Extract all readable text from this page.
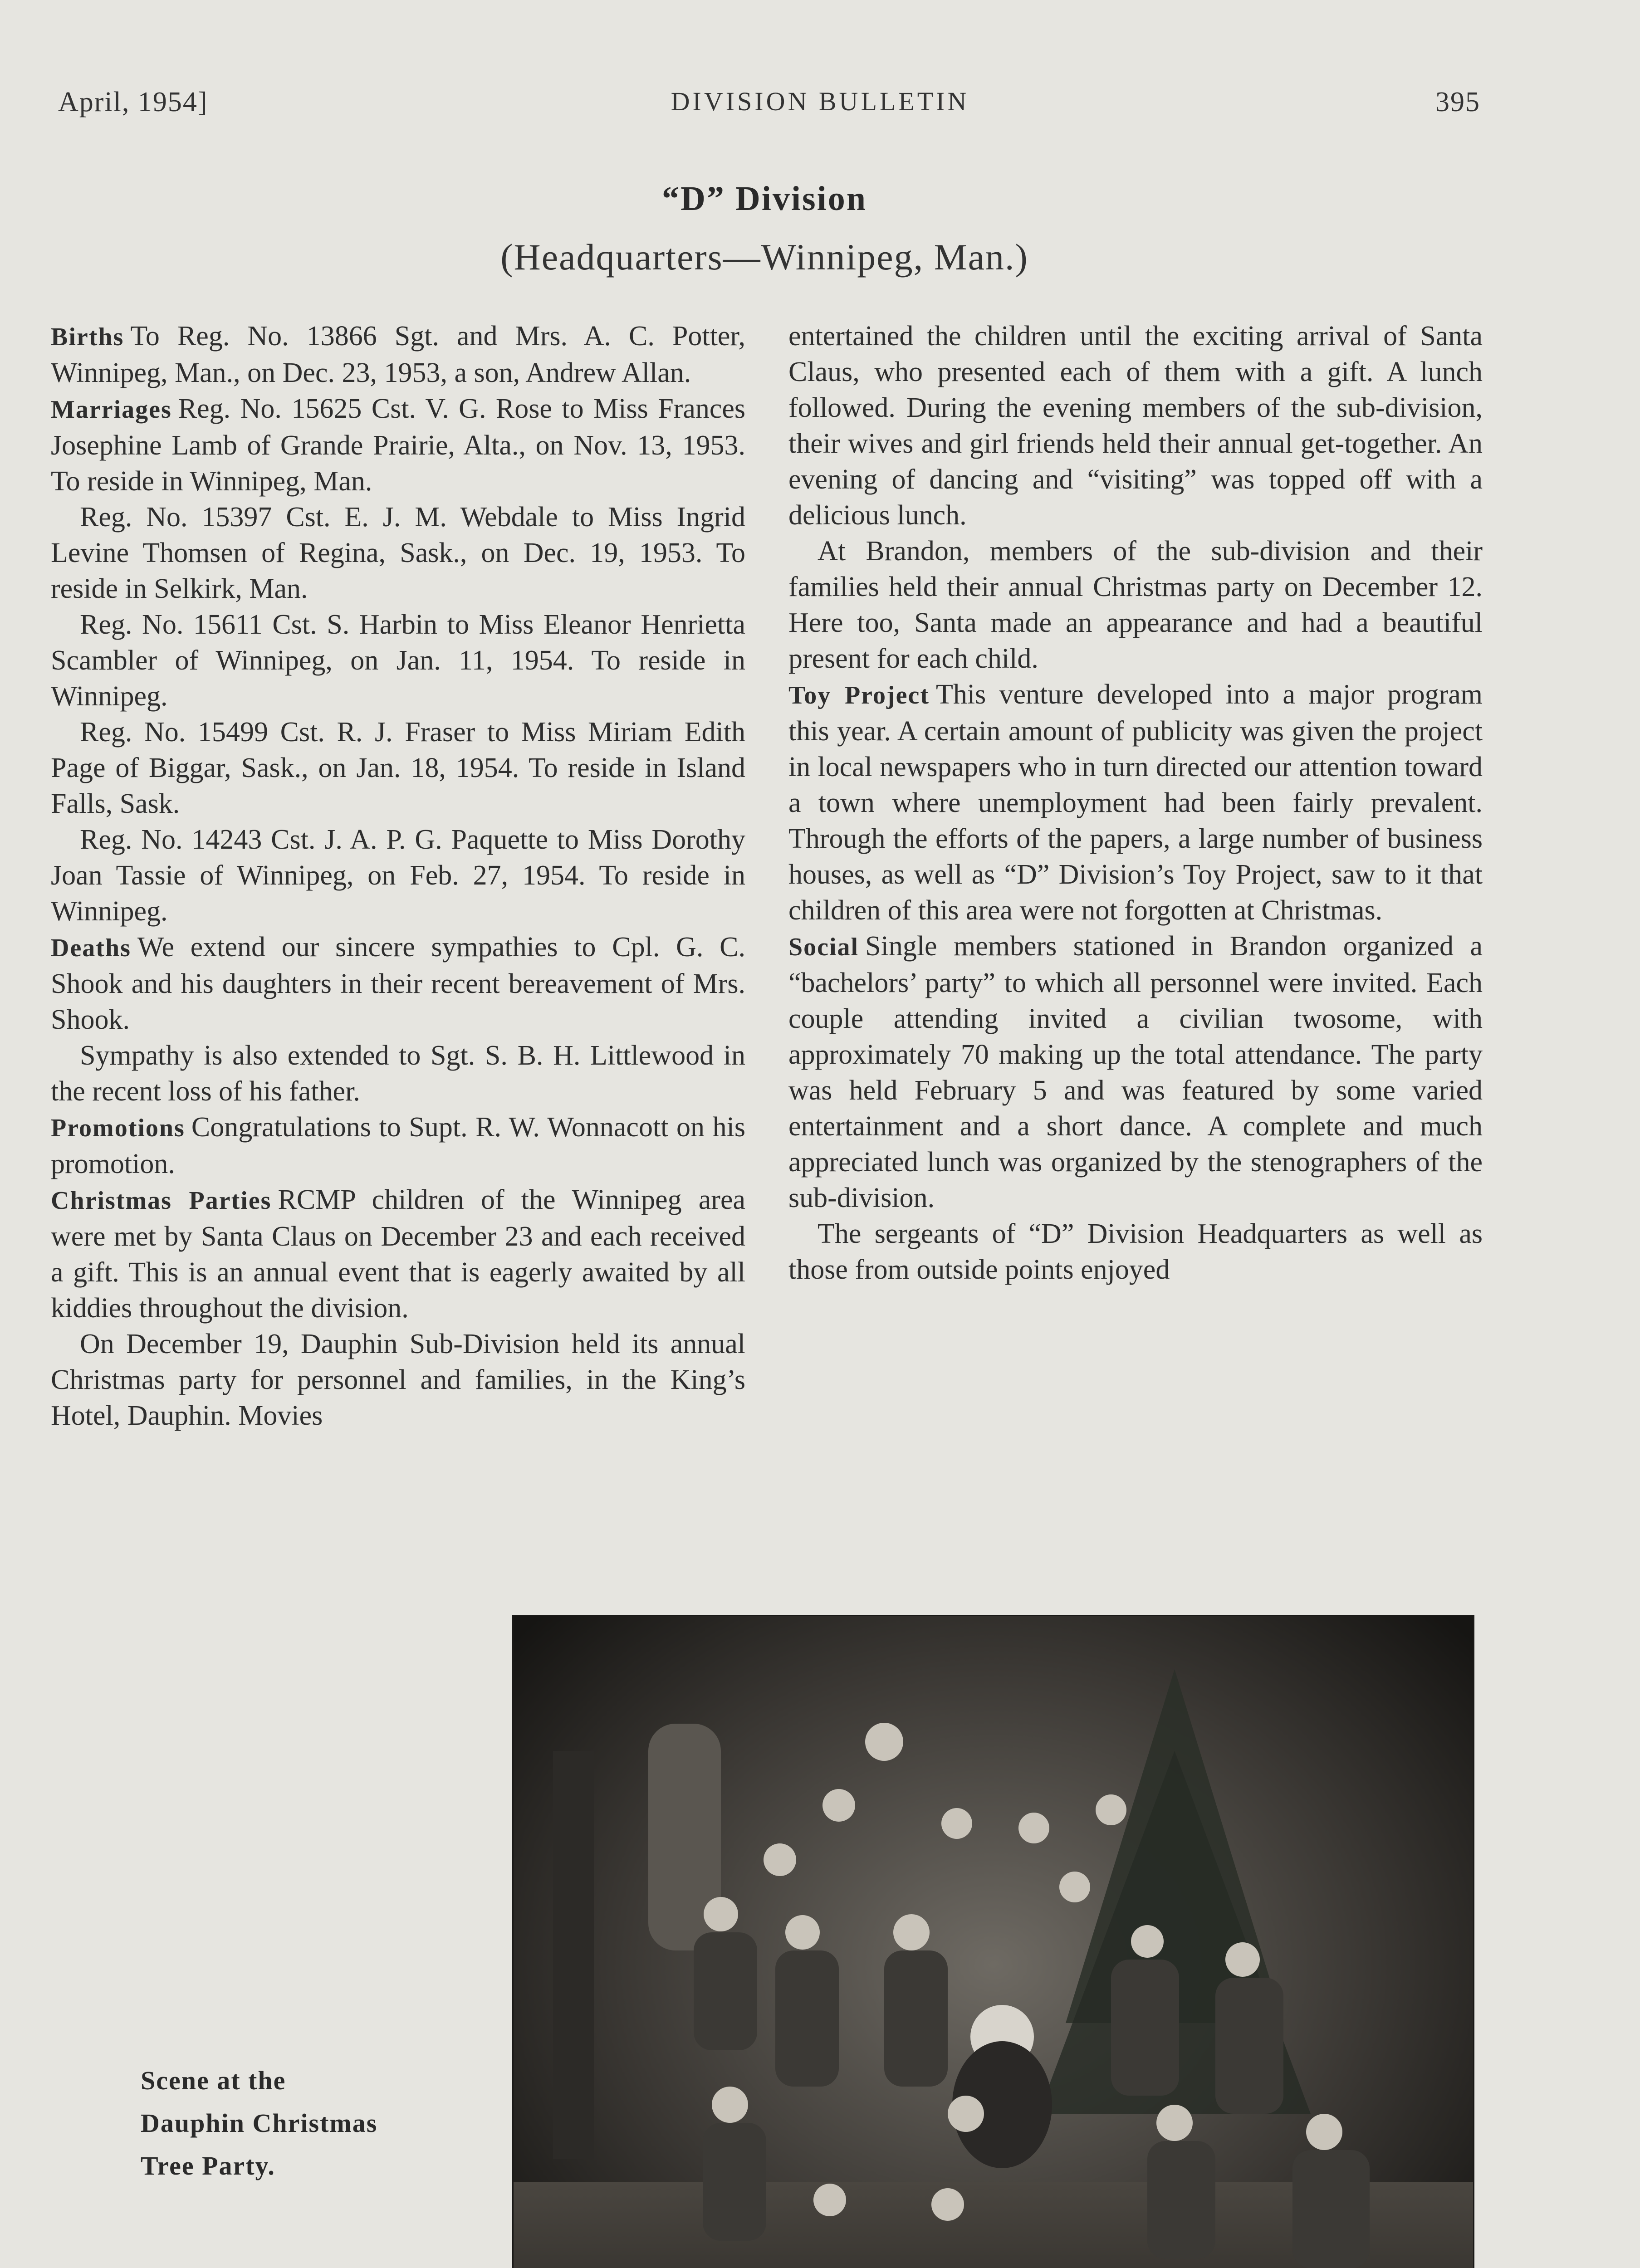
April, 1954]	DIVISION BULLETIN	395
“D” Division
(Headquarters—Winnipeg, Man.)

Births To Reg. No. 13866 Sgt. and Mrs. A. C. Potter, Winnipeg, Man., on Dec. 23, 1953, a son, Andrew Allan.

Marriages Reg. No. 15625 Cst. V. G. Rose to Miss Frances Josephine Lamb of Grande Prairie, Alta., on Nov. 13, 1953. To reside in Winnipeg, Man.

Reg. No. 15397 Cst. E. J. M. Webdale to Miss Ingrid Levine Thomsen of Regina, Sask., on Dec. 19, 1953. To reside in Selkirk, Man.

Reg. No. 15611 Cst. S. Harbin to Miss Eleanor Henrietta Scambler of Winnipeg, on Jan. 11, 1954. To reside in Winnipeg.

Reg. No. 15499 Cst. R. J. Fraser to Miss Miriam Edith Page of Biggar, Sask., on Jan. 18, 1954. To reside in Island Falls, Sask.

Reg. No. 14243 Cst. J. A. P. G. Paquette to Miss Dorothy Joan Tassie of Winnipeg, on Feb. 27, 1954. To reside in Winnipeg.

Deaths We extend our sincere sympathies to Cpl. G. C. Shook and his daughters in their recent bereavement of Mrs. Shook.

Sympathy is also extended to Sgt. S. B. H. Littlewood in the recent loss of his father.

Promotions Congratulations to Supt. R. W. Wonnacott on his promotion.

Christmas Parties RCMP children of the Winnipeg area were met by Santa Claus on December 23 and each received a gift. This is an annual event that is eagerly awaited by all kiddies throughout the division.

On December 19, Dauphin Sub-Division held its annual Christmas party for personnel and families, in the King’s Hotel, Dauphin. Movies

entertained the children until the exciting arrival of Santa Claus, who presented each of them with a gift. A lunch followed. During the evening members of the sub-division, their wives and girl friends held their annual get-together. An evening of dancing and “visiting” was topped off with a delicious lunch.

At Brandon, members of the sub-division and their families held their annual Christmas party on December 12. Here too, Santa made an appearance and had a beautiful present for each child.

Toy Project This venture developed into a major program this year. A certain amount of publicity was given the project in local newspapers who in turn directed our attention toward a town where unemployment had been fairly prevalent. Through the efforts of the papers, a large number of business houses, as well as “D” Division’s Toy Project, saw to it that children of this area were not forgotten at Christmas.

Social Single members stationed in Brandon organized a “bachelors’ party” to which all personnel were invited. Each couple attending invited a civilian twosome, with approximately 70 making up the total attendance. The party was held February 5 and was featured by some varied entertainment and a short dance. A complete and much appreciated lunch was organized by the stenographers of the sub-division.

The sergeants of “D” Division Headquarters as well as those from outside points enjoyed

Scene at the
Dauphin Christmas
Tree Party.
